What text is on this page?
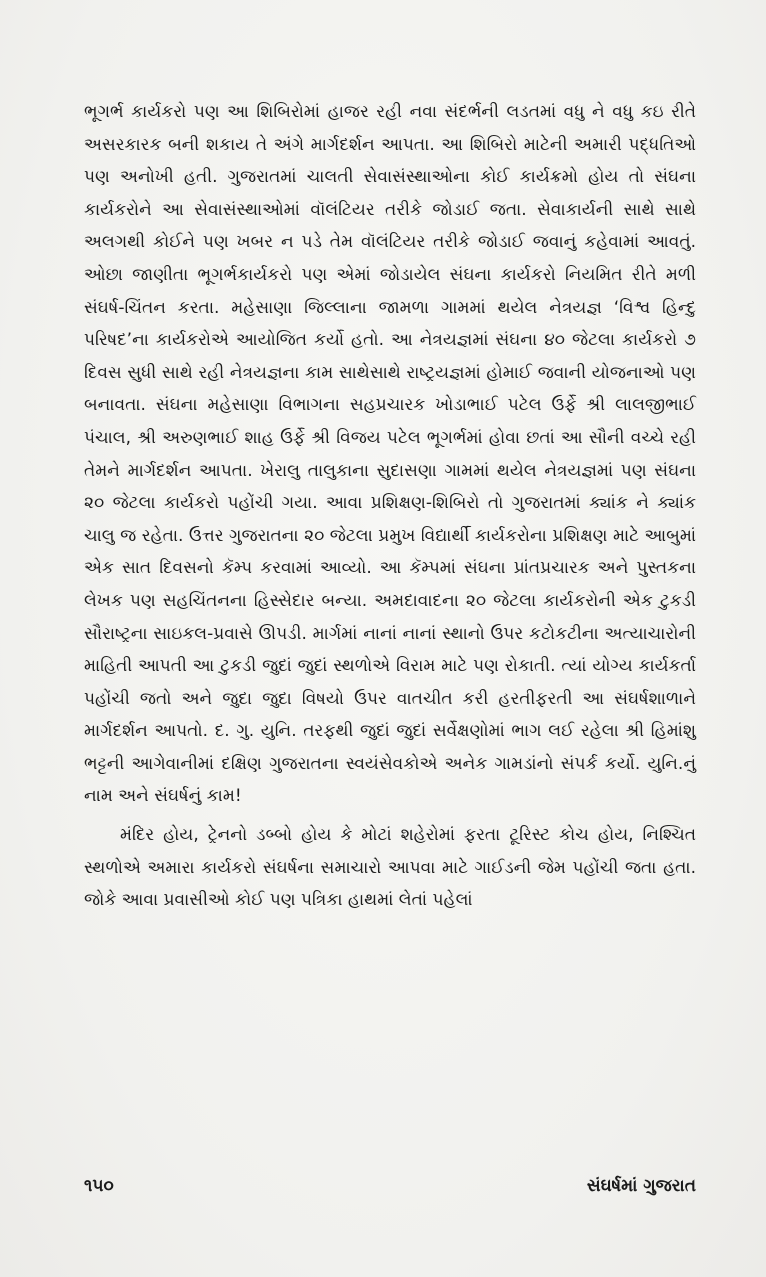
ભૂગર્ભ કાર્યકરો પણ આ શિબિરોમાં હાજર રહી નવા સંદર્ભની લડતમાં વધુ ને વધુ કઇ રીતે અસરકારક બની શકાય તે અંગે માર્ગદર્શન આપતા. આ શિબિરો માટેની અમારી પદ્ધતિઓ પણ અનોખી હતી. ગુજરાતમાં ચાલતી સેવાસંસ્થાઓના કોઈ કાર્યક્રમો હોય તો સંઘના કાર્યકરોને આ સેવાસંસ્થાઓમાં વૉલંટિયર તરીકે જોડાઈ જતા. સેવાકાર્યની સાથે સાથે અલગથી કોઈને પણ ખબર ન પડે તેમ વૉલંટિયર તરીકે જોડાઈ જવાનું કહેવામાં આવતું. ઓછા જાણીતા ભૂગર્ભકાર્યકરો પણ એમાં જોડાયેલ સંઘના કાર્યકરો નિયમિત રીતે મળી સંઘર્ષ-ચિંતન કરતા. મહેસાણા જિલ્લાના જામળા ગામમાં થયેલ નેત્રયજ્ઞ ‘વિશ્વ હિન્દુ પરિષદ’ના કાર્યકરોએ આયોજિત કર્યો હતો. આ નેત્રયજ્ઞમાં સંઘના ૪૦ જેટલા કાર્યકરો ૭ દિવસ સુધી સાથે રહી નેત્રયજ્ઞના કામ સાથેસાથે રાષ્ટ્રયજ્ઞમાં હોમાઈ જવાની યોજનાઓ પણ બનાવતા. સંઘના મહેસાણા વિભાગના સહપ્રચારક ખોડાભાઈ પટેલ ઉર્ફે શ્રી લાલજીભાઈ પંચાલ, શ્રી અરુણભાઈ શાહ ઉર્ફે શ્રી વિજય પટેલ ભૂગર્ભમાં હોવા છતાં આ સૌની વચ્ચે રહી તેમને માર્ગદર્શન આપતા. ખેરાલુ તાલુકાના સુદાસણા ગામમાં થયેલ નેત્રયજ્ઞમાં પણ સંઘના ૨૦ જેટલા કાર્યકરો પહોંચી ગયા. આવા પ્રશિક્ષણ-શિબિરો તો ગુજરાતમાં ક્યાંક ને ક્યાંક ચાલુ જ રહેતા. ઉત્તર ગુજરાતના ૨૦ જેટલા પ્રમુખ વિદ્યાર્થી કાર્યકરોના પ્રશિક્ષણ માટે આબુમાં એક સાત દિવસનો કૅમ્પ કરવામાં આવ્યો. આ કૅમ્પમાં સંઘના પ્રાંતપ્રચારક અને પુસ્તકના લેખક પણ સહચિંતનના હિસ્સેદાર બન્યા. અમદાવાદના ૨૦ જેટલા કાર્યકરોની એક ટુકડી સૌરાષ્ટ્રના સાઇકલ-પ્રવાસે ઊપડી. માર્ગમાં નાનાં નાનાં સ્થાનો ઉપર કટોકટીના અત્યાચારોની માહિતી આપતી આ ટુકડી જુદાં જુદાં સ્થળોએ વિરામ માટે પણ રોકાતી. ત્યાં યોગ્ય કાર્યકર્તા પહોંચી જતો અને જુદા જુદા વિષયો ઉપર વાતચીત કરી હરતીફરતી આ સંઘર્ષશાળાને માર્ગદર્શન આપતો. દ. ગુ. યુનિ. તરફથી જુદાં જુદાં સર્વેક્ષણોમાં ભાગ લઈ રહેલા શ્રી હિમાંશુ ભટ્ટની આગેવાનીમાં દક્ષિણ ગુજરાતના સ્વયંસેવકોએ અનેક ગામડાંનો સંપર્ક કર્યો. યુનિ.નું નામ અને સંઘર્ષનું કામ!

મંદિર હોય, ટ્રેનનો ડબ્બો હોય કે મોટાં શહેરોમાં ફરતા ટૂરિસ્ટ કોચ હોય, નિશ્ચિત સ્થળોએ અમારા કાર્યકરો સંઘર્ષના સમાચારો આપવા માટે ગાઈડની જેમ પહોંચી જતા હતા. જોકે આવા પ્રવાસીઓ કોઈ પણ પત્રિકા હાથમાં લેતાં પહેલાં

૧૫૦	સંઘર્ષમાં ગુજરાત
